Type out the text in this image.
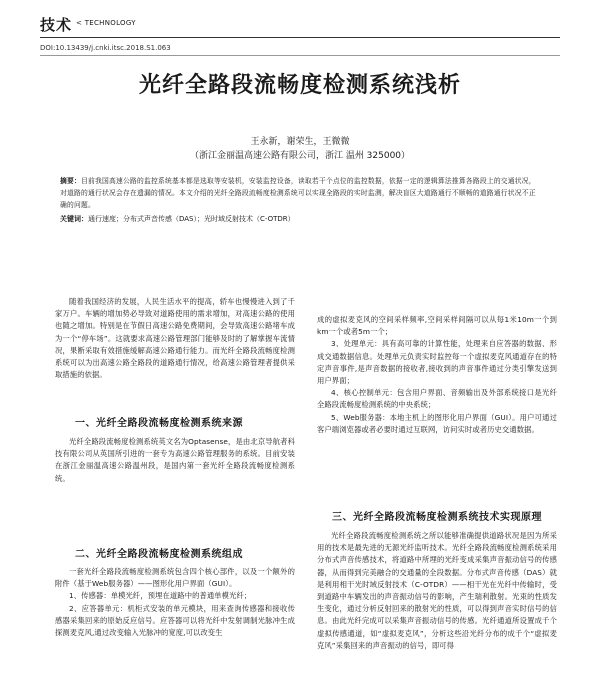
技术 < TECHNOLOGY
DOI:10.13439/j.cnki.itsc.2018.S1.063
光纤全路段流畅度检测系统浅析
王永新，谢荣生，王微微
（浙江金丽温高速公路有限公司，浙江 温州 325000）
摘要：目前我国高速公路的监控系统基本都是选取等安装机，安装监控设备，读取若干个点位的监控数据，依据一定的逻辑算法推算各路段上的交通状况，对道路的通行状况会存在遗漏的情况。本文介绍的光纤全路段流畅度检测系统可以实现全路段的实时监测，解决盲区大道路通行不顺畅的道路通行状况不正确的问题。
关键词：通行速度；分布式声音传感（DAS）；光时域反射技术（C-OTDR）

随着我国经济的发展，人民生活水平的提高，轿车也慢慢进入到了千家万户。车辆的增加势必导致对道路使用的需求增加，对高速公路的使用也随之增加。特别是在节假日高速公路免费期间，会导致高速公路堵车成为一个“停车场”。这就要求高速公路管理部门能够及时的了解掌握车流情况，果断采取有效措施缓解高速公路通行能力。而光纤全路段流畅度检测系统可以为出高速公路全路段的道路通行情况，给高速公路管理者提供采取措施的依据。

一、光纤全路段流畅度检测系统来源

光纤全路段流畅度检测系统英文名为Optasense，是由北京导航者科技有限公司从英国所引进的一套专为高速公路管理服务的系统。目前安装在浙江金丽温高速公路温州段，是国内第一套光纤全路段流畅度检测系统。

二、光纤全路段流畅度检测系统组成

一套光纤全路段流畅度检测系统包含四个核心部件，以及一个额外的附件（基于Web服务器）——图形化用户界面（GUI）。

1、传感器：单模光纤，预埋在道路中的普通单模光纤；

2、应答器单元：机柜式安装的单元模块，用来查询传感器和接收传感器采集回来的原始反应信号。应答器可以将光纤中发射调制光脉冲生成探测麦克风,通过改变输入光脉冲的宽度,可以改变生

成的虚拟麦克风的空间采样频率,空间采样间隔可以从每1米10m一个到km一个或者5m一个；

3、处理单元：具有高可靠的计算性能，处理来自应答器的数据、形成交通数据信息。处理单元负责实时监控每一个虚拟麦克风通道存在的特定声音事件,是声音数据的接收者,接收到的声音事件通过分类引擎发送到用户界面；

4、核心控制单元：包含用户界面、音频输出及外部系统接口是光纤全路段流畅度检测系统的中央系统；

5、Web服务器：本地主机上的图形化用户界面（GUI）。用户可通过客户端浏览器或者必要时通过互联网，访问实时或者历史交通数据。

三、光纤全路段流畅度检测系统技术实现原理

光纤全路段流畅度检测系统之所以能够准确提供道路状况是因为所采用的技术是最先进的无源光纤监听技术。光纤全路段流畅度检测系统采用分布式声音传感技术，将道路中所埋的光纤变成采集声音振动信号的传感器，从而得到完美融合的交通量的全段数据。分布式声音传感（DAS）就是利用相干光时域反射技术（C-OTDR）——相干光在光纤中传输时，受到道路中车辆发出的声音振动信号的影响，产生瑞利散射。光束的性质发生变化，通过分析反射回来的散射光的性质，可以得到声音实时信号的信息。由此光纤完成可以采集声音振动信号的传感。光纤通道所设置成千个虚拟传感通道，如“虚拟麦克风”，分析这些沿光纤分布的成千个“虚拟麦克风”采集回来的声音振动的信号，即可得
